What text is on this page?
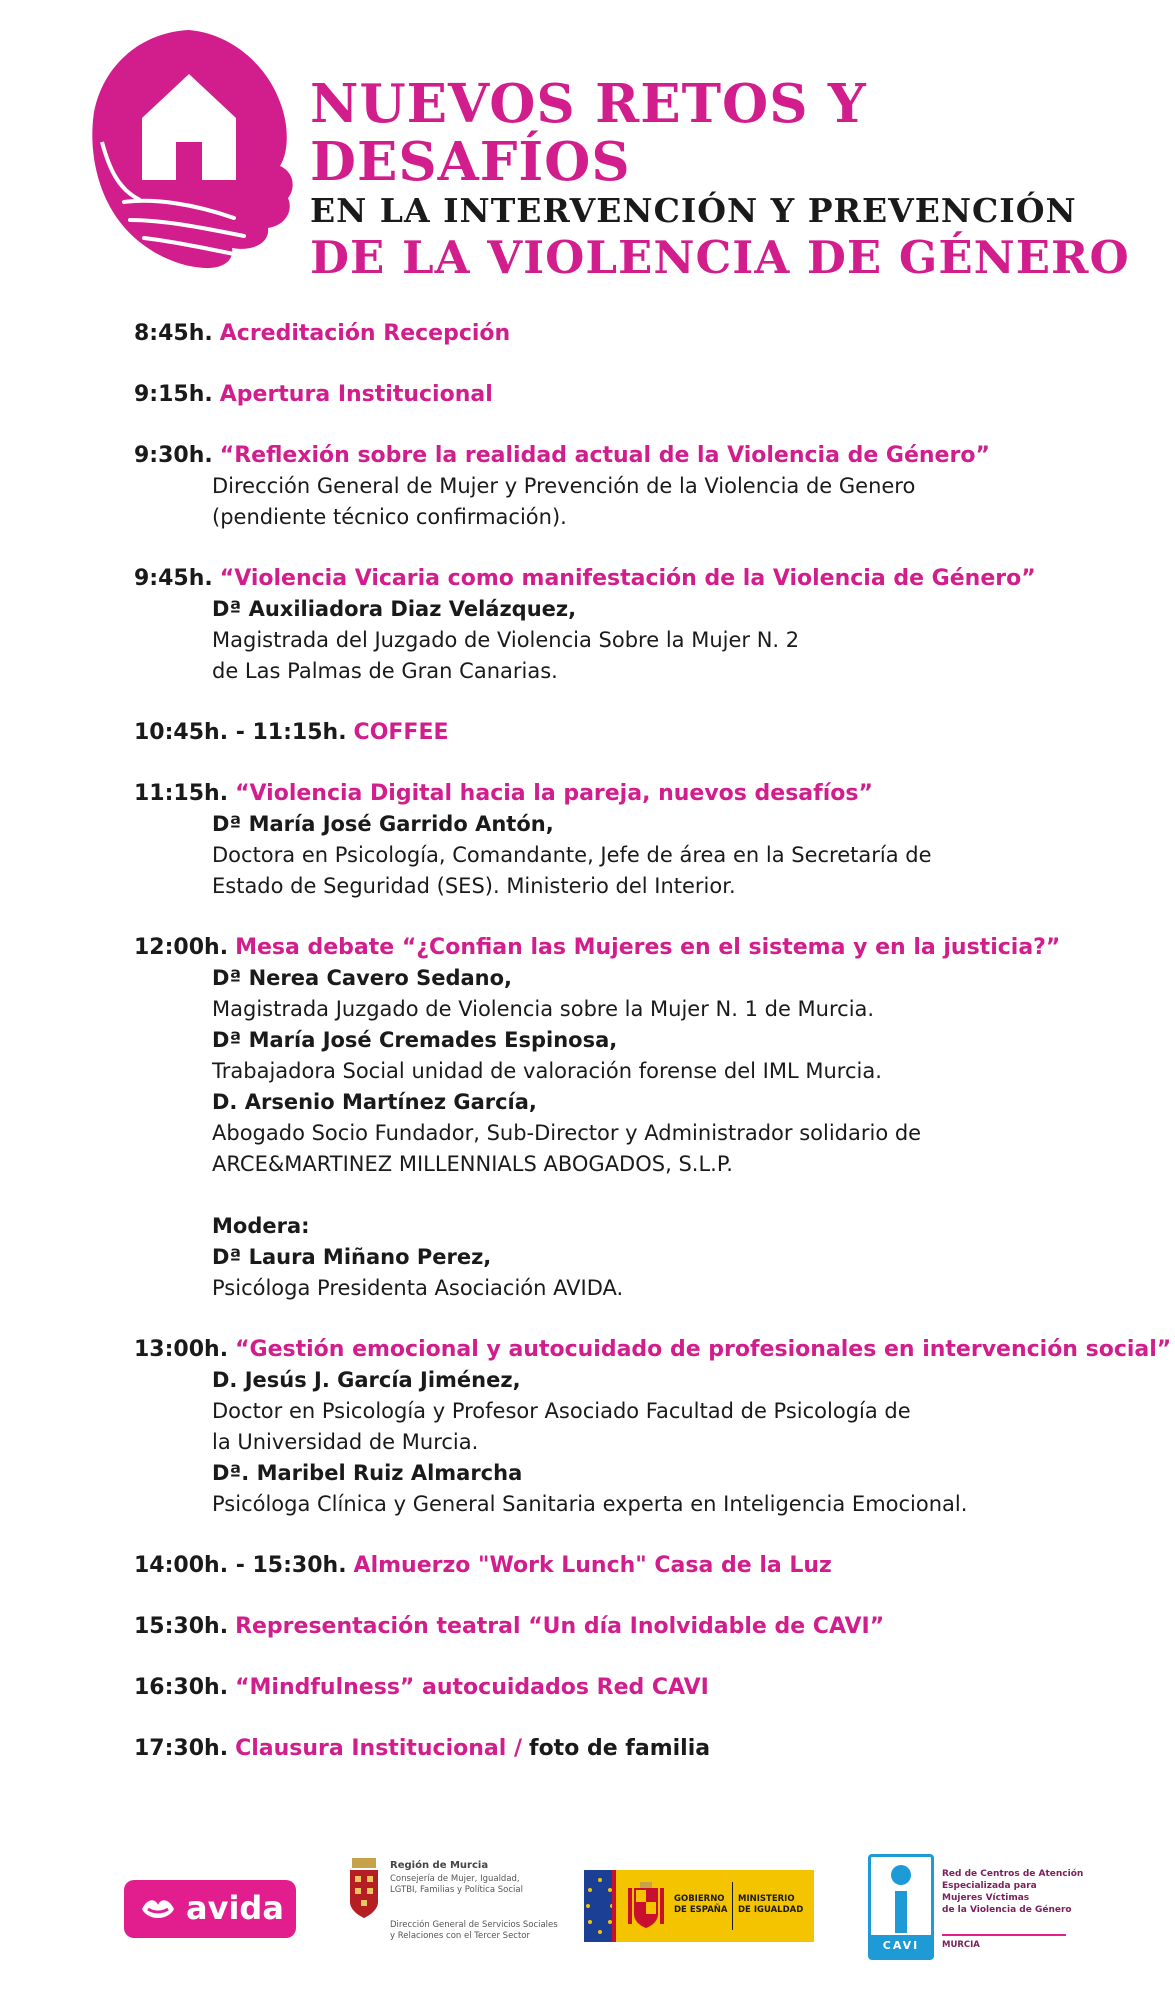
NUEVOS RETOS Y DESAFÍOS
EN LA INTERVENCIÓN Y PREVENCIÓN
DE LA VIOLENCIA DE GÉNERO
8:45h. Acreditación Recepción
9:15h. Apertura Institucional
9:30h. “Reflexión sobre la realidad actual de la Violencia de Género”
Dirección General de Mujer y Prevención de la Violencia de Genero
(pendiente técnico confirmación).
9:45h. “Violencia Vicaria como manifestación de la Violencia de Género”
Dª Auxiliadora Diaz Velázquez,
Magistrada del Juzgado de Violencia Sobre la Mujer N. 2
de Las Palmas de Gran Canarias.
10:45h. - 11:15h. COFFEE
11:15h. “Violencia Digital hacia la pareja, nuevos desafíos”
Dª María José Garrido Antón,
Doctora en Psicología, Comandante, Jefe de área en la Secretaría de
Estado de Seguridad (SES). Ministerio del Interior.
12:00h. Mesa debate “¿Confian las Mujeres en el sistema y en la justicia?”
Dª Nerea Cavero Sedano,
Magistrada Juzgado de Violencia sobre la Mujer N. 1 de Murcia.
Dª María José Cremades Espinosa,
Trabajadora Social unidad de valoración forense del IML Murcia.
D. Arsenio Martínez García,
Abogado Socio Fundador, Sub-Director y Administrador solidario de
ARCE&MARTINEZ MILLENNIALS ABOGADOS, S.L.P.
Modera:
Dª Laura Miñano Perez,
Psicóloga Presidenta Asociación AVIDA.
13:00h. “Gestión emocional y autocuidado de profesionales en intervención social”
D. Jesús J. García Jiménez,
Doctor en Psicología y Profesor Asociado Facultad de Psicología de
la Universidad de Murcia.
Dª. Maribel Ruiz Almarcha
Psicóloga Clínica y General Sanitaria experta en Inteligencia Emocional.
14:00h. - 15:30h. Almuerzo "Work Lunch" Casa de la Luz
15:30h. Representación teatral “Un día Inolvidable de CAVI”
16:30h. “Mindfulness” autocuidados Red CAVI
17:30h. Clausura Institucional / foto de familia
avida
Región de Murcia
Consejería de Mujer, Igualdad,
LGTBI, Familias y Política Social
Dirección General de Servicios Sociales
y Relaciones con el Tercer Sector
GOBIERNO
DE ESPAÑA
MINISTERIO
DE IGUALDAD
CAVI
Red de Centros de Atención
Especializada para
Mujeres Víctimas
de la Violencia de Género
MURCIA
